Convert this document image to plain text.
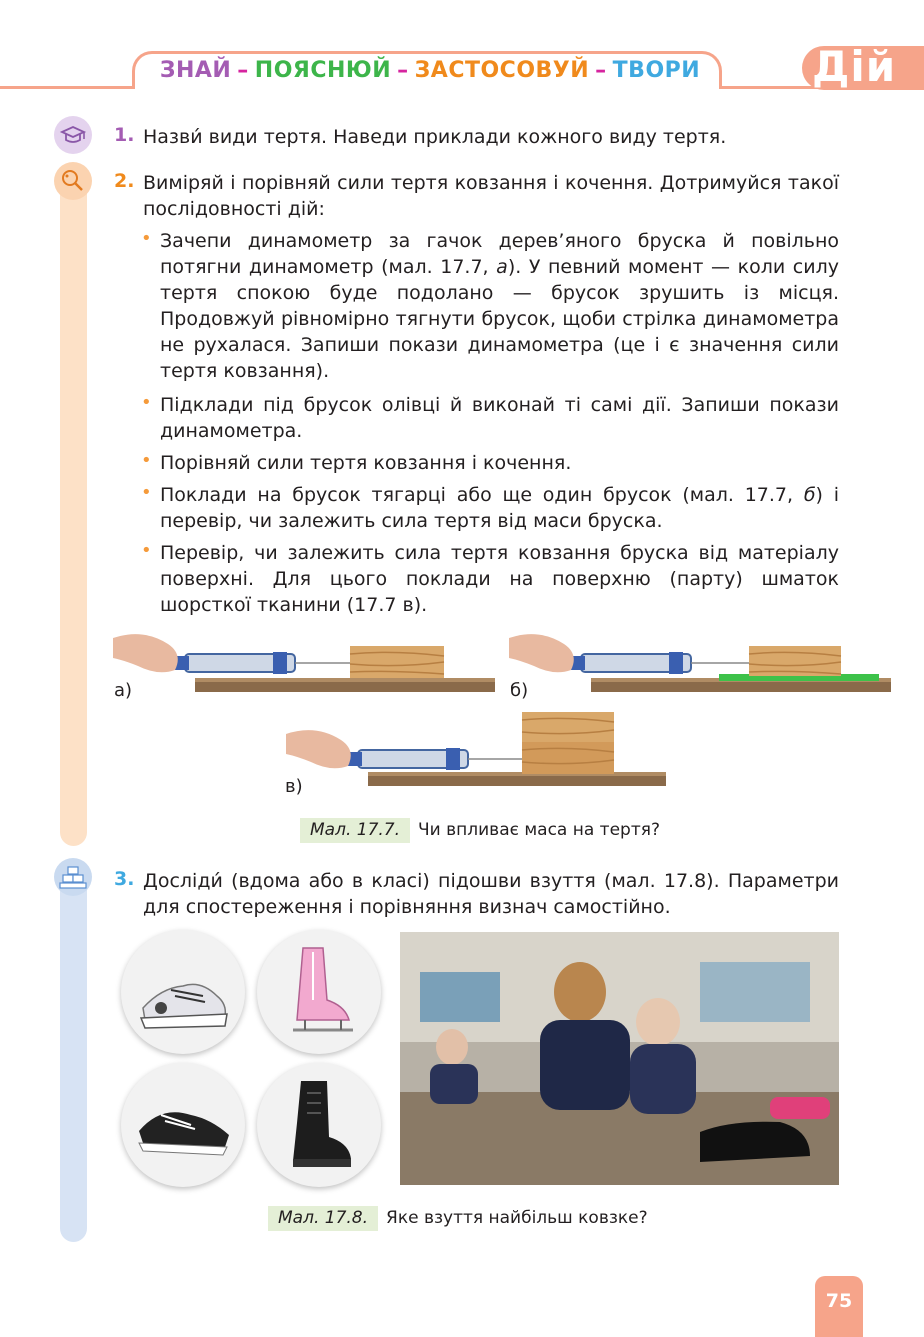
ЗНАЙ – ПОЯСНЮЙ – ЗАСТОСОВУЙ – ТВОРИ	Дій
1. Назви́ види тертя. Наведи приклади кожного виду тертя.
2. Виміряй і порівняй сили тертя ковзання і кочення. Дотримуйся такої послідовності дій:
• Зачепи динамометр за гачок дерев’яного бруска й повільно потягни динамометр (мал. 17.7, а). У певний момент — коли силу тертя спокою буде подолано — брусок зрушить із місця. Продовжуй рівномірно тягнути брусок, щоби стрілка динамометра не рухалася. Запиши покази динамометра (це і є значення сили тертя ковзання).
• Підклади під брусок олівці й виконай ті самі дії. Запиши покази динамометра.
• Порівняй сили тертя ковзання і кочення.
• Поклади на брусок тягарці або ще один брусок (мал. 17.7, б) і перевір, чи залежить сила тертя від маси бруска.
• Перевір, чи залежить сила тертя ковзання бруска від матеріалу поверхні. Для цього поклади на поверхню (парту) шматок шорсткої тканини (17.7 в).
а)	б)
в)
Мал. 17.7. Чи впливає маса на тертя?
3. Досліди́ (вдома або в класі) підошви взуття (мал. 17.8). Параметри для спостереження і порівняння визнач самостійно.
Мал. 17.8. Яке взуття найбільш ковзке?
75
